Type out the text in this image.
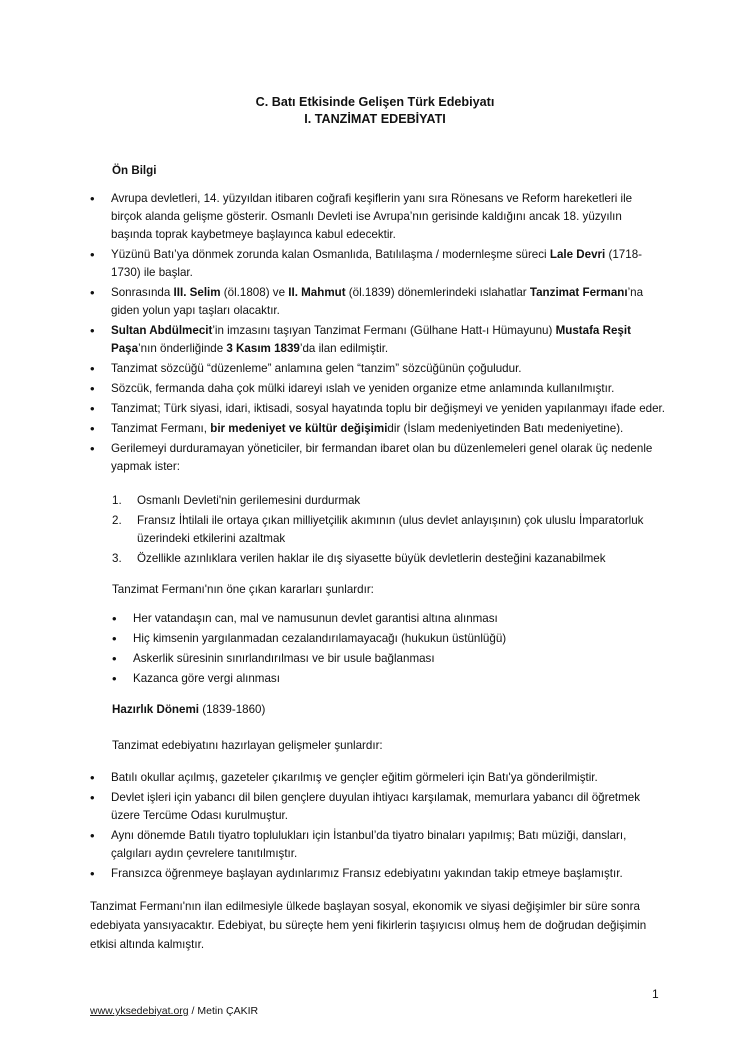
C. Batı Etkisinde Gelişen Türk Edebiyatı
I. TANZİMAT EDEBİYATI
Ön Bilgi
• Avrupa devletleri, 14. yüzyıldan itibaren coğrafi keşiflerin yanı sıra Rönesans ve Reform hareketleri ile birçok alanda gelişme gösterir. Osmanlı Devleti ise Avrupa’nın gerisinde kaldığını ancak 18. yüzyılın başında toprak kaybetmeye başlayınca kabul edecektir.
• Yüzünü Batı’ya dönmek zorunda kalan Osmanlıda, Batılılaşma / modernleşme süreci Lale Devri (1718-1730) ile başlar.
• Sonrasında III. Selim (öl.1808) ve II. Mahmut (öl.1839) dönemlerindeki ıslahatlar Tanzimat Fermanı’na giden yolun yapı taşları olacaktır.
• Sultan Abdülmecit’in imzasını taşıyan Tanzimat Fermanı (Gülhane Hatt-ı Hümayunu) Mustafa Reşit Paşa’nın önderliğinde 3 Kasım 1839’da ilan edilmiştir.
• Tanzimat sözcüğü “düzenleme” anlamına gelen “tanzim” sözcüğünün çoğuludur.
• Sözcük, fermanda daha çok mülki idareyi ıslah ve yeniden organize etme anlamında kullanılmıştır.
• Tanzimat; Türk siyasi, idari, iktisadi, sosyal hayatında toplu bir değişmeyi ve yeniden yapılanmayı ifade eder.
• Tanzimat Fermanı, bir medeniyet ve kültür değişimidir (İslam medeniyetinden Batı medeniyetine).
• Gerilemeyi durduramayan yöneticiler, bir fermandan ibaret olan bu düzenlemeleri genel olarak üç nedenle yapmak ister:
1. Osmanlı Devleti'nin gerilemesini durdurmak
2. Fransız İhtilali ile ortaya çıkan milliyetçilik akımının (ulus devlet anlayışının) çok uluslu İmparatorluk üzerindeki etkilerini azaltmak
3. Özellikle azınlıklara verilen haklar ile dış siyasette büyük devletlerin desteğini kazanabilmek
Tanzimat Fermanı'nın öne çıkan kararları şunlardır:
• Her vatandaşın can, mal ve namusunun devlet garantisi altına alınması
• Hiç kimsenin yargılanmadan cezalandırılamayacağı (hukukun üstünlüğü)
• Askerlik süresinin sınırlandırılması ve bir usule bağlanması
• Kazanca göre vergi alınması
Hazırlık Dönemi (1839-1860)
Tanzimat edebiyatını hazırlayan gelişmeler şunlardır:
• Batılı okullar açılmış, gazeteler çıkarılmış ve gençler eğitim görmeleri için Batı'ya gönderilmiştir.
• Devlet işleri için yabancı dil bilen gençlere duyulan ihtiyacı karşılamak, memurlara yabancı dil öğretmek üzere Tercüme Odası kurulmuştur.
• Aynı dönemde Batılı tiyatro toplulukları için İstanbul’da tiyatro binaları yapılmış; Batı müziği, dansları, çalgıları aydın çevrelere tanıtılmıştır.
• Fransızca öğrenmeye başlayan aydınlarımız Fransız edebiyatını yakından takip etmeye başlamıştır.
Tanzimat Fermanı'nın ilan edilmesiyle ülkede başlayan sosyal, ekonomik ve siyasi değişimler bir süre sonra edebiyata yansıyacaktır. Edebiyat, bu süreçte hem yeni fikirlerin taşıyıcısı olmuş hem de doğrudan değişimin etkisi altında kalmıştır.
1
www.yksedebiyat.org / Metin ÇAKIR
